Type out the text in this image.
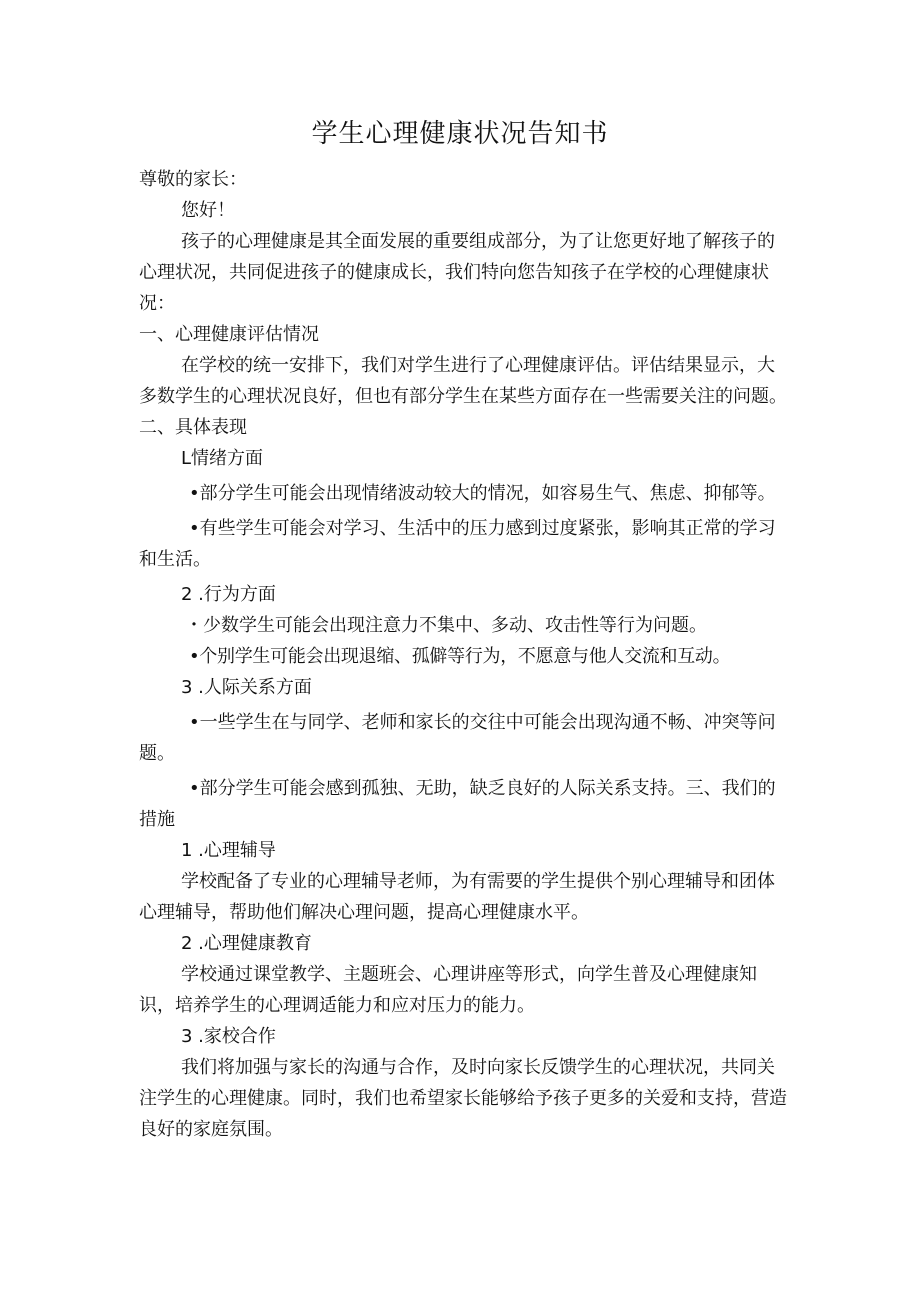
学生心理健康状况告知书

尊敬的家长：

您好！

孩子的心理健康是其全面发展的重要组成部分，为了让您更好地了解孩子的心理状况，共同促进孩子的健康成长，我们特向您告知孩子在学校的心理健康状况：

一、心理健康评估情况

在学校的统一安排下，我们对学生进行了心理健康评估。评估结果显示，大多数学生的心理状况良好，但也有部分学生在某些方面存在一些需要关注的问题。

二、具体表现

L情绪方面

•部分学生可能会出现情绪波动较大的情况，如容易生气、焦虑、抑郁等。

•有些学生可能会对学习、生活中的压力感到过度紧张，影响其正常的学习和生活。

2 .行为方面

・少数学生可能会出现注意力不集中、多动、攻击性等行为问题。

•个别学生可能会出现退缩、孤僻等行为，不愿意与他人交流和互动。

3 .人际关系方面

•一些学生在与同学、老师和家长的交往中可能会出现沟通不畅、冲突等问题。

•部分学生可能会感到孤独、无助，缺乏良好的人际关系支持。三、我们的措施

1 .心理辅导

学校配备了专业的心理辅导老师，为有需要的学生提供个别心理辅导和团体心理辅导，帮助他们解决心理问题，提高心理健康水平。

2 .心理健康教育

学校通过课堂教学、主题班会、心理讲座等形式，向学生普及心理健康知识，培养学生的心理调适能力和应对压力的能力。

3 .家校合作

我们将加强与家长的沟通与合作，及时向家长反馈学生的心理状况，共同关注学生的心理健康。同时，我们也希望家长能够给予孩子更多的关爱和支持，营造良好的家庭氛围。
